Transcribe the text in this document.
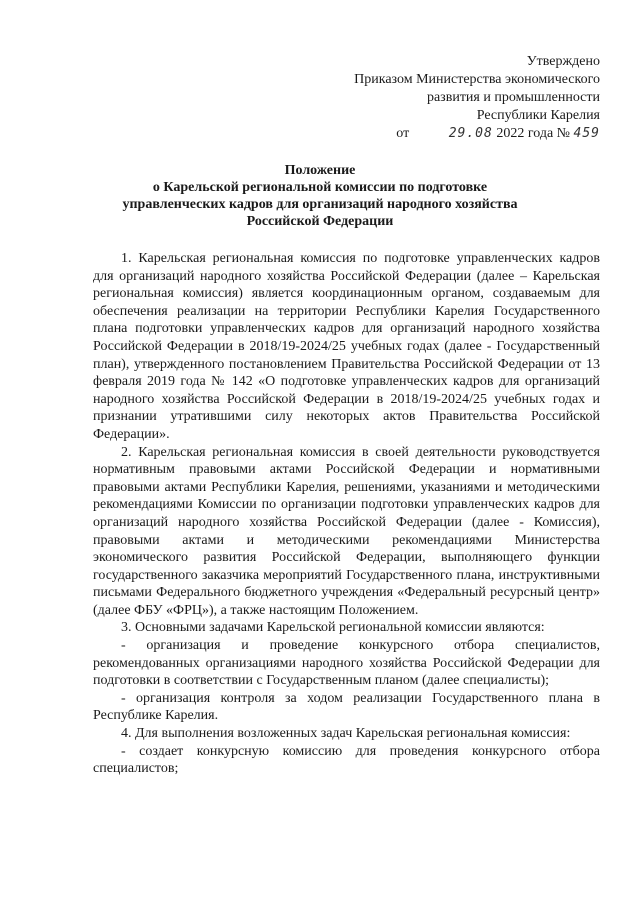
Утверждено
Приказом Министерства экономического
развития и промышленности
Республики Карелия
от	29.08 2022 года № 459
Положение
о Карельской региональной комиссии по подготовке
управленческих кадров для организаций народного хозяйства
Российской Федерации

1. Карельская региональная комиссия по подготовке управленческих кадров для организаций народного хозяйства Российской Федерации (далее – Карельская региональная комиссия) является координационным органом, создаваемым для обеспечения реализации на территории Республики Карелия Государственного плана подготовки управленческих кадров для организаций народного хозяйства Российской Федерации в 2018/19-2024/25 учебных годах (далее - Государственный план), утвержденного постановлением Правительства Российской Федерации от 13 февраля 2019 года № 142 «О подготовке управленческих кадров для организаций народного хозяйства Российской Федерации в 2018/19-2024/25 учебных годах и признании утратившими силу некоторых актов Правительства Российской Федерации».

2. Карельская региональная комиссия в своей деятельности руководствуется нормативным правовыми актами Российской Федерации и нормативными правовыми актами Республики Карелия, решениями, указаниями и методическими рекомендациями Комиссии по организации подготовки управленческих кадров для организаций народного хозяйства Российской Федерации (далее - Комиссия), правовыми актами и методическими рекомендациями Министерства экономического развития Российской Федерации, выполняющего функции государственного заказчика мероприятий Государственного плана, инструктивными письмами Федерального бюджетного учреждения «Федеральный ресурсный центр» (далее ФБУ «ФРЦ»), а также настоящим Положением.

3. Основными задачами Карельской региональной комиссии являются:

- организация и проведение конкурсного отбора специалистов, рекомендованных организациями народного хозяйства Российской Федерации для подготовки в соответствии с Государственным планом (далее специалисты);

- организация контроля за ходом реализации Государственного плана в Республике Карелия.

4. Для выполнения возложенных задач Карельская региональная комиссия:

- создает конкурсную комиссию для проведения конкурсного отбора специалистов;
